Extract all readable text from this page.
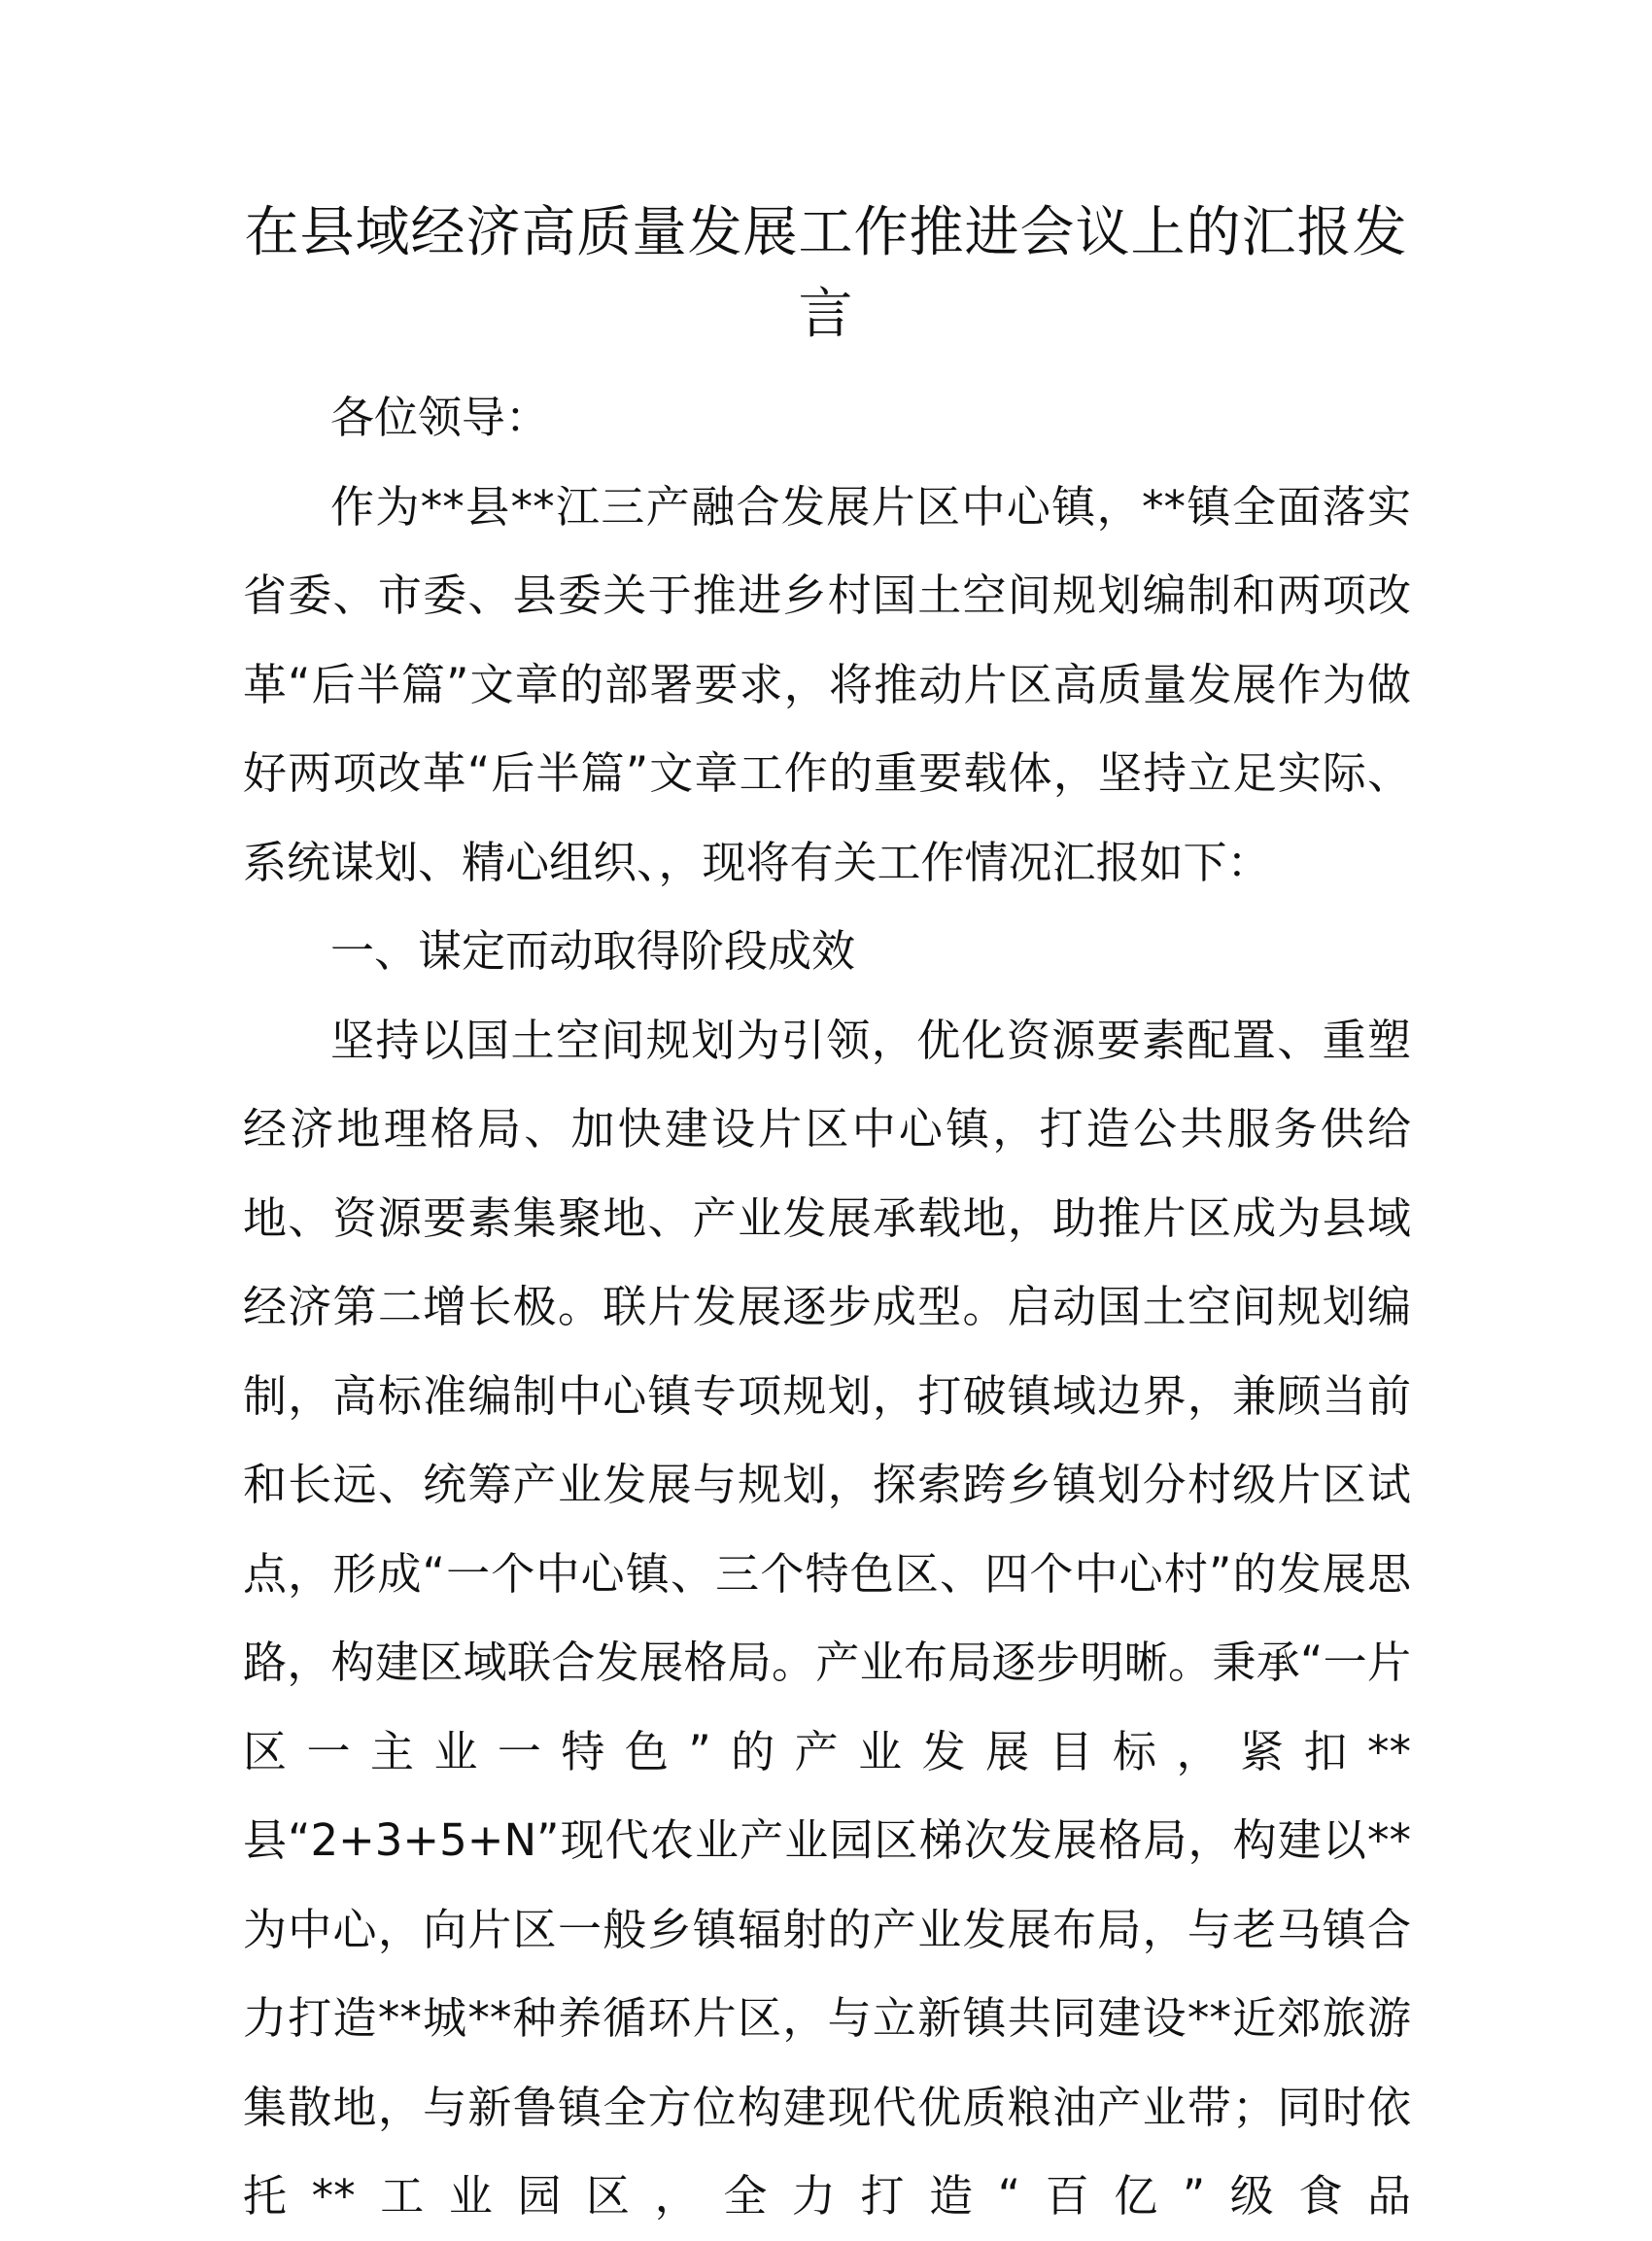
在县域经济高质量发展工作推进会议上的汇报发言

各位领导：

作为**县**江三产融合发展片区中心镇，**镇全面落实省委、市委、县委关于推进乡村国土空间规划编制和两项改革“后半篇”文章的部署要求，将推动片区高质量发展作为做好两项改革“后半篇”文章工作的重要载体，坚持立足实际、系统谋划、精心组织、，现将有关工作情况汇报如下：

一、谋定而动取得阶段成效

坚持以国土空间规划为引领，优化资源要素配置、重塑经济地理格局、加快建设片区中心镇，打造公共服务供给地、资源要素集聚地、产业发展承载地，助推片区成为县域经济第二增长极。联片发展逐步成型。启动国土空间规划编制，高标准编制中心镇专项规划，打破镇域边界，兼顾当前和长远、统筹产业发展与规划，探索跨乡镇划分村级片区试点，形成“一个中心镇、三个特色区、四个中心村”的发展思路，构建区域联合发展格局。产业布局逐步明晰。秉承“一片区一主业一特色”的产业发展目标，紧扣**县“2+3+5+N”现代农业产业园区梯次发展格局，构建以**为中心，向片区一般乡镇辐射的产业发展布局，与老马镇合力打造**城**种养循环片区，与立新镇共同建设**近郊旅游集散地，与新鲁镇全方位构建现代优质粮油产业带；同时依托**工业园区，全力打造“百亿”级食品
